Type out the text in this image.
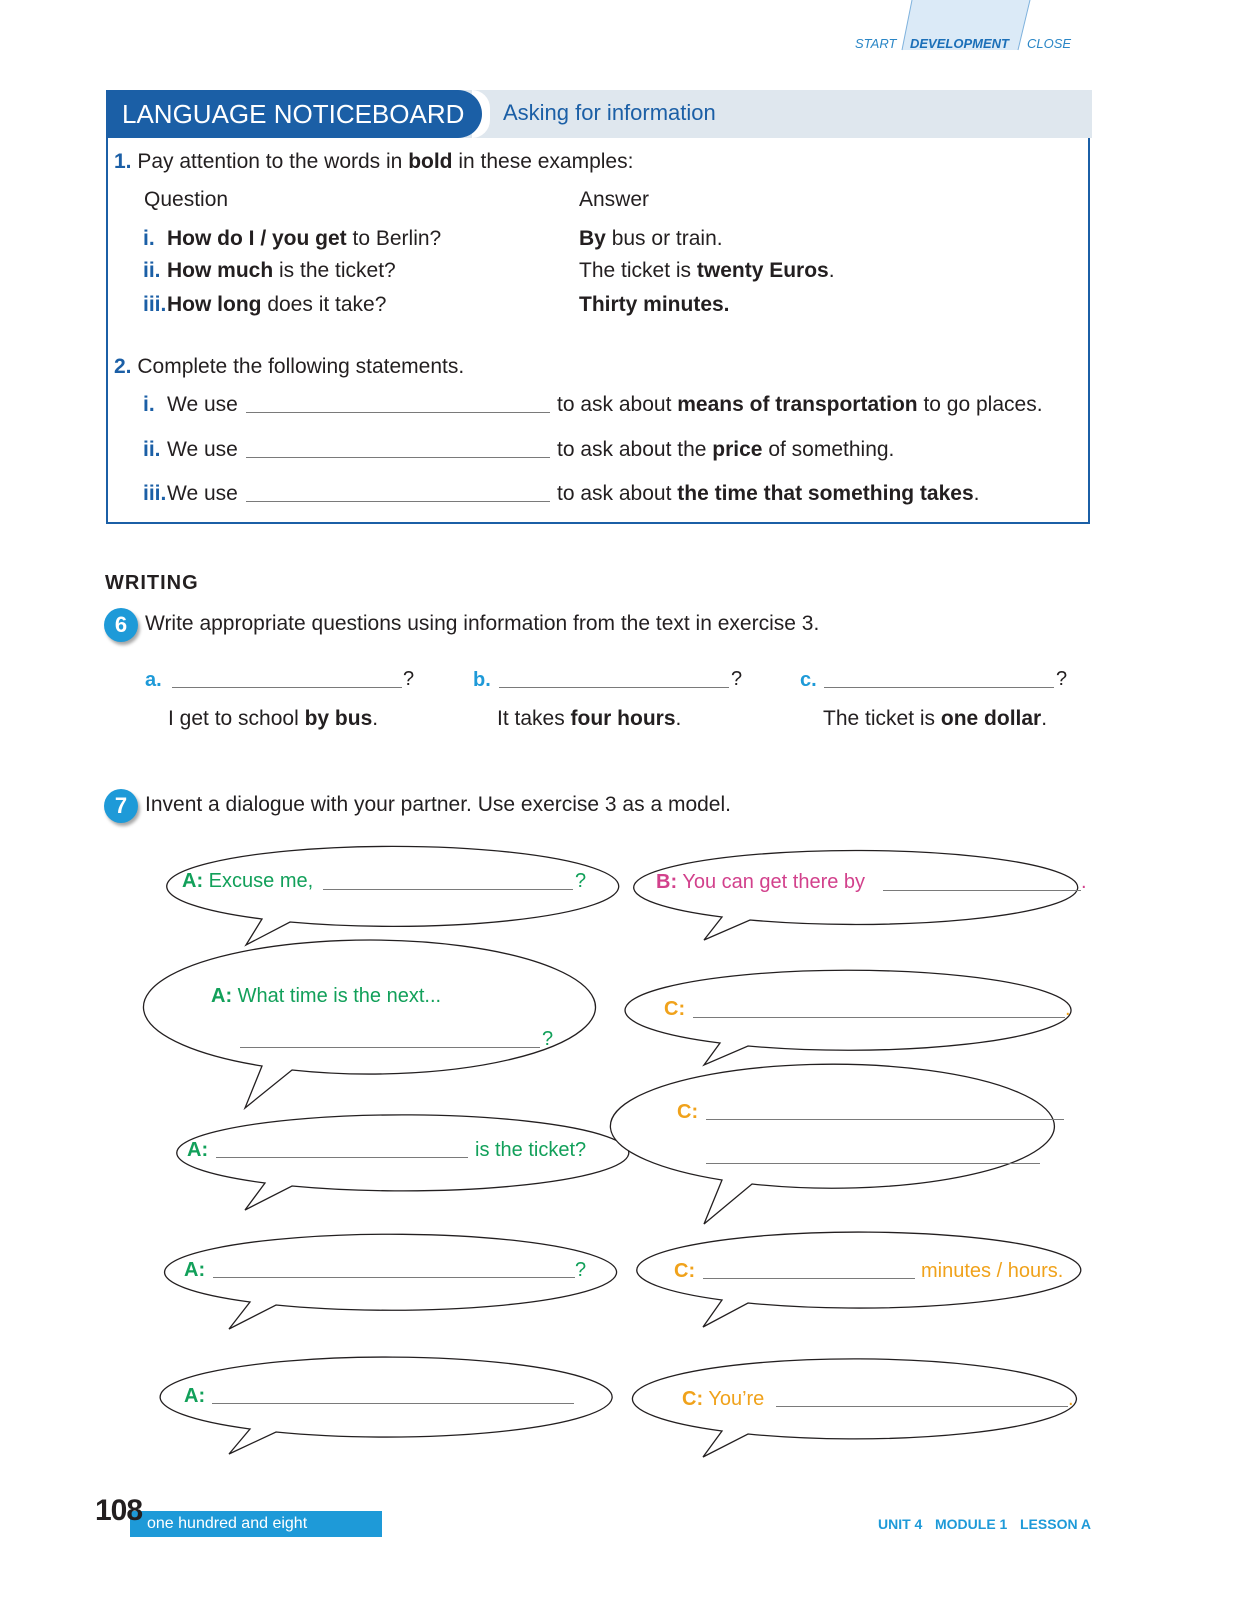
START DEVELOPMENT CLOSE
LANGUAGE NOTICEBOARD	Asking for information
1. Pay attention to the words in bold in these examples:
Question	Answer
i. How do I / you get to Berlin?	By bus or train.
ii. How much is the ticket?	The ticket is twenty Euros.
iii.How long does it take?	Thirty minutes.
2. Complete the following statements.
i. We use	to ask about means of transportation to go places.
ii. We use	to ask about the price of something.
iii.We use	to ask about the time that something takes.
WRITING
6 Write appropriate questions using information from the text in exercise 3.
a.	?
I get to school by bus.
b.	?
It takes four hours.
c.	?
The ticket is one dollar.
7 Invent a dialogue with your partner. Use exercise 3 as a model.
A: Excuse me,	?	B: You can get there by	.
A: What time is the next...
?
C:	.
A:	is the ticket?
C:
A:	?	C:	minutes / hours.
A:	C: You’re	.
one hundred and eight
108	UNIT 4 MODULE 1 LESSON A
